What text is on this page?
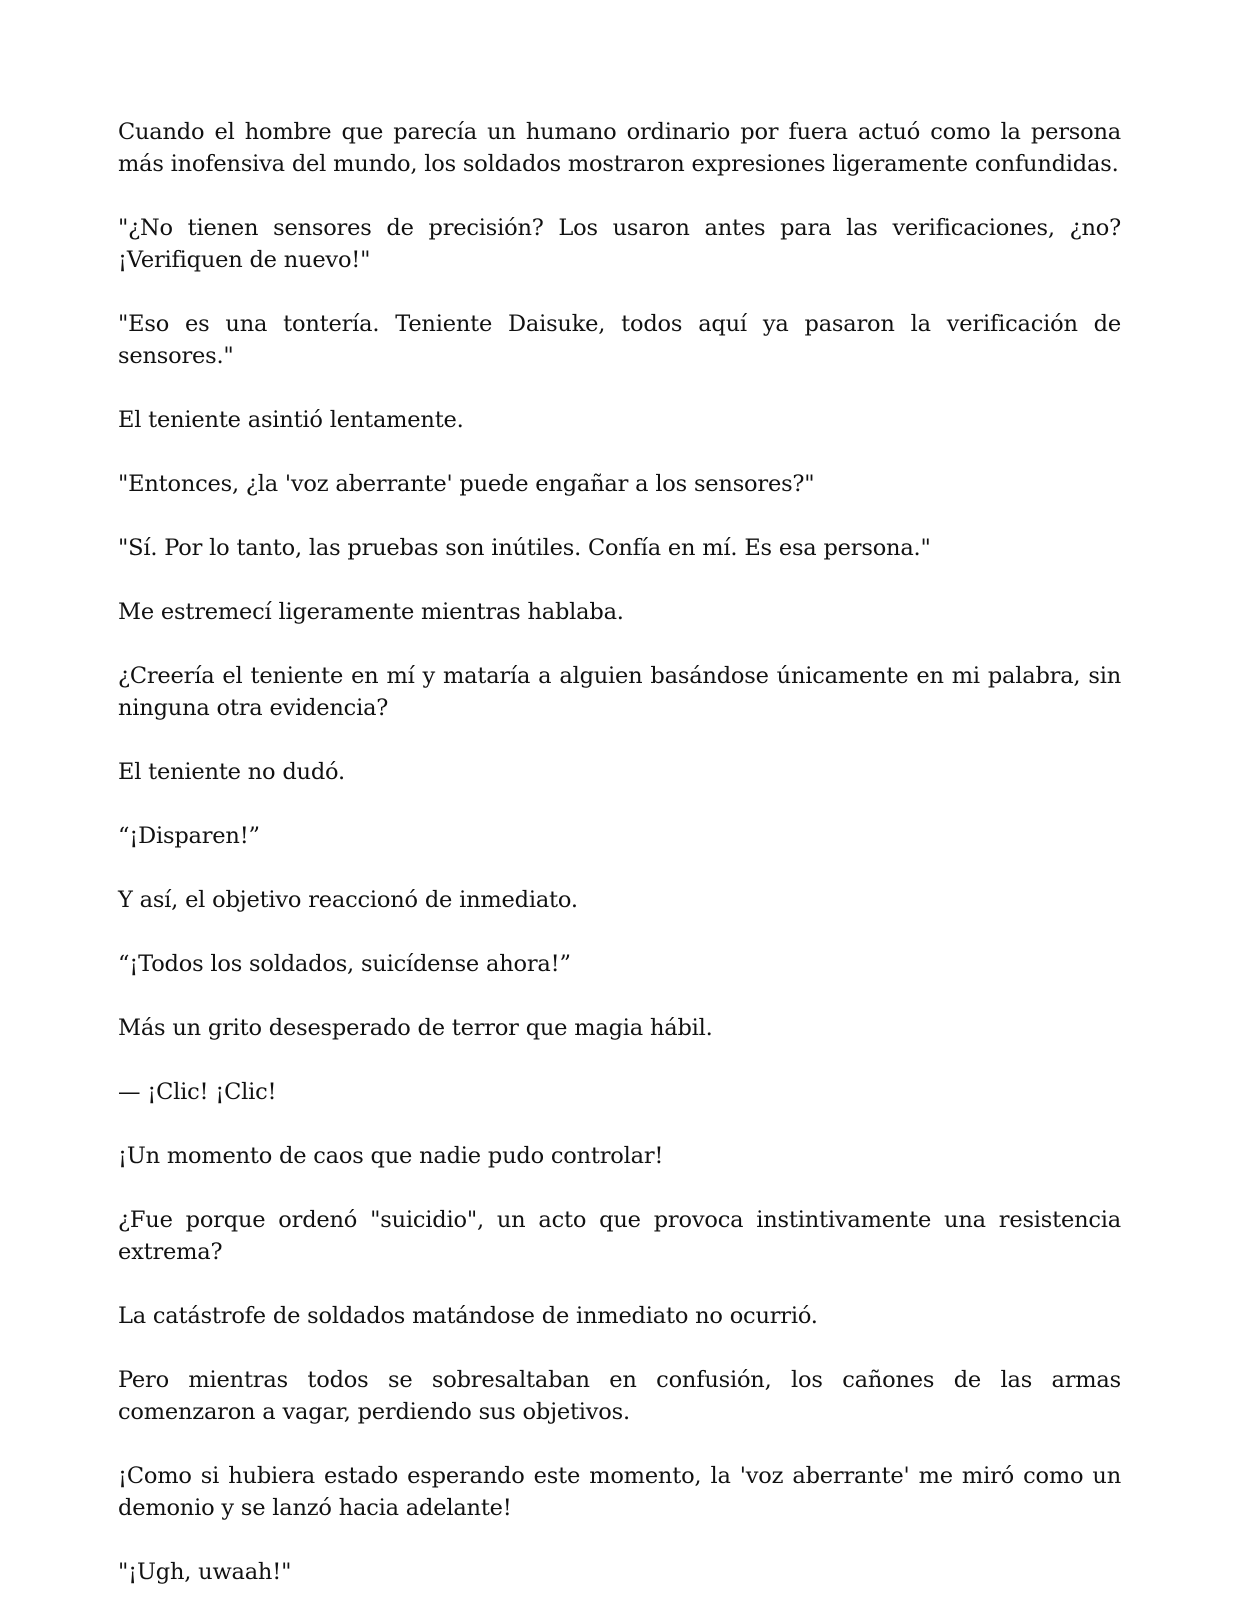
Cuando el hombre que parecía un humano ordinario por fuera actuó como la persona más inofensiva del mundo, los soldados mostraron expresiones ligeramente confundidas.

"¿No tienen sensores de precisión? Los usaron antes para las verificaciones, ¿no? ¡Verifiquen de nuevo!"

"Eso es una tontería. Teniente Daisuke, todos aquí ya pasaron la verificación de sensores."

El teniente asintió lentamente.

"Entonces, ¿la 'voz aberrante' puede engañar a los sensores?"

"Sí. Por lo tanto, las pruebas son inútiles. Confía en mí. Es esa persona."

Me estremecí ligeramente mientras hablaba.

¿Creería el teniente en mí y mataría a alguien basándose únicamente en mi palabra, sin ninguna otra evidencia?

El teniente no dudó.

“¡Disparen!”

Y así, el objetivo reaccionó de inmediato.

“¡Todos los soldados, suicídense ahora!”

Más un grito desesperado de terror que magia hábil.

— ¡Clic! ¡Clic!

¡Un momento de caos que nadie pudo controlar!

¿Fue porque ordenó "suicidio", un acto que provoca instintivamente una resistencia extrema?

La catástrofe de soldados matándose de inmediato no ocurrió.

Pero mientras todos se sobresaltaban en confusión, los cañones de las armas comenzaron a vagar, perdiendo sus objetivos.

¡Como si hubiera estado esperando este momento, la 'voz aberrante' me miró como un demonio y se lanzó hacia adelante!

"¡Ugh, uwaah!"
